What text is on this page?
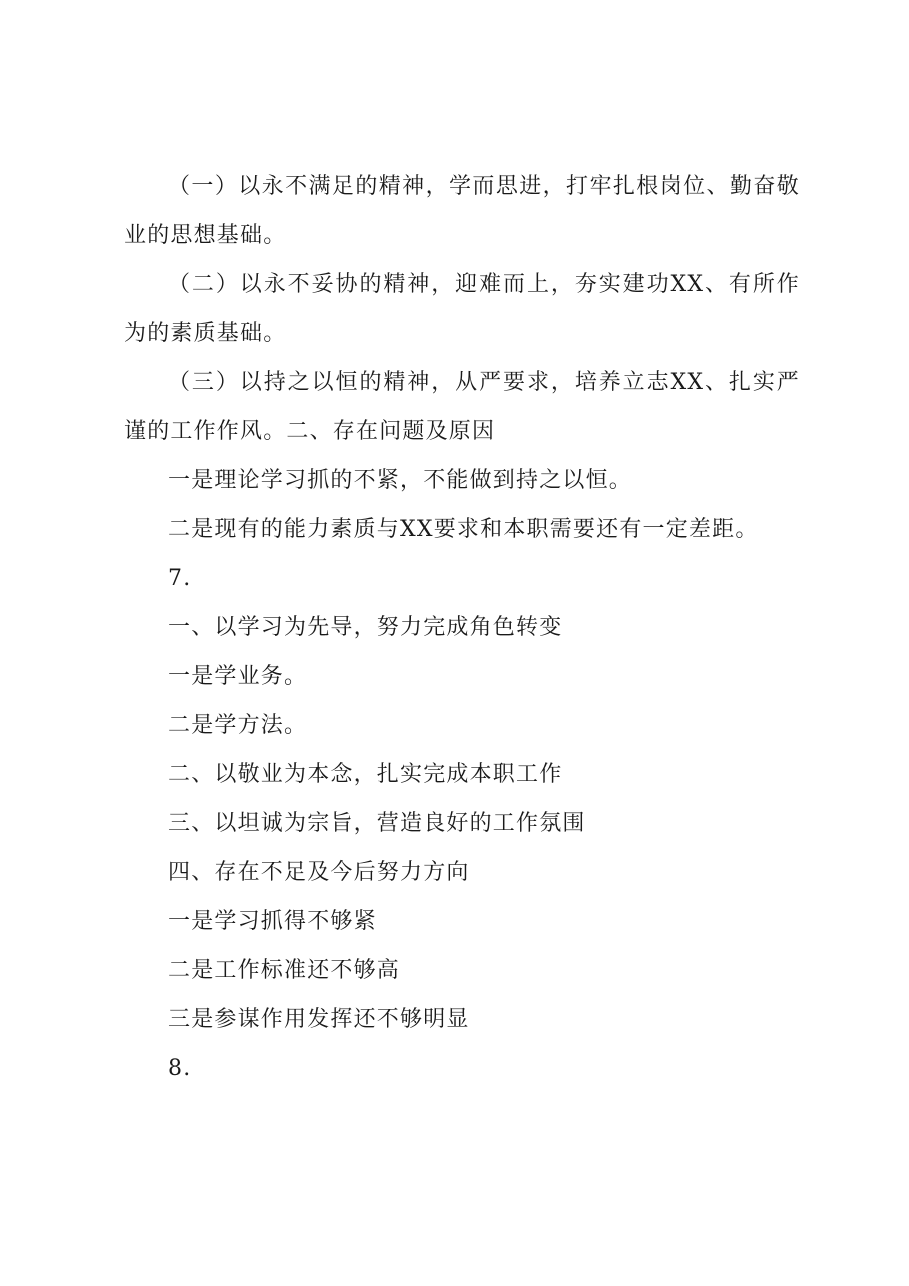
（一）以永不满足的精神，学而思进，打牢扎根岗位、勤奋敬业的思想基础。

（二）以永不妥协的精神，迎难而上，夯实建功XX、有所作为的素质基础。

（三）以持之以恒的精神，从严要求，培养立志XX、扎实严谨的工作作风。二、存在问题及原因

一是理论学习抓的不紧，不能做到持之以恒。

二是现有的能力素质与XX要求和本职需要还有一定差距。

7.

一、以学习为先导，努力完成角色转变

一是学业务。

二是学方法。

二、以敬业为本念，扎实完成本职工作

三、以坦诚为宗旨，营造良好的工作氛围

四、存在不足及今后努力方向

一是学习抓得不够紧

二是工作标准还不够高

三是参谋作用发挥还不够明显

8.
